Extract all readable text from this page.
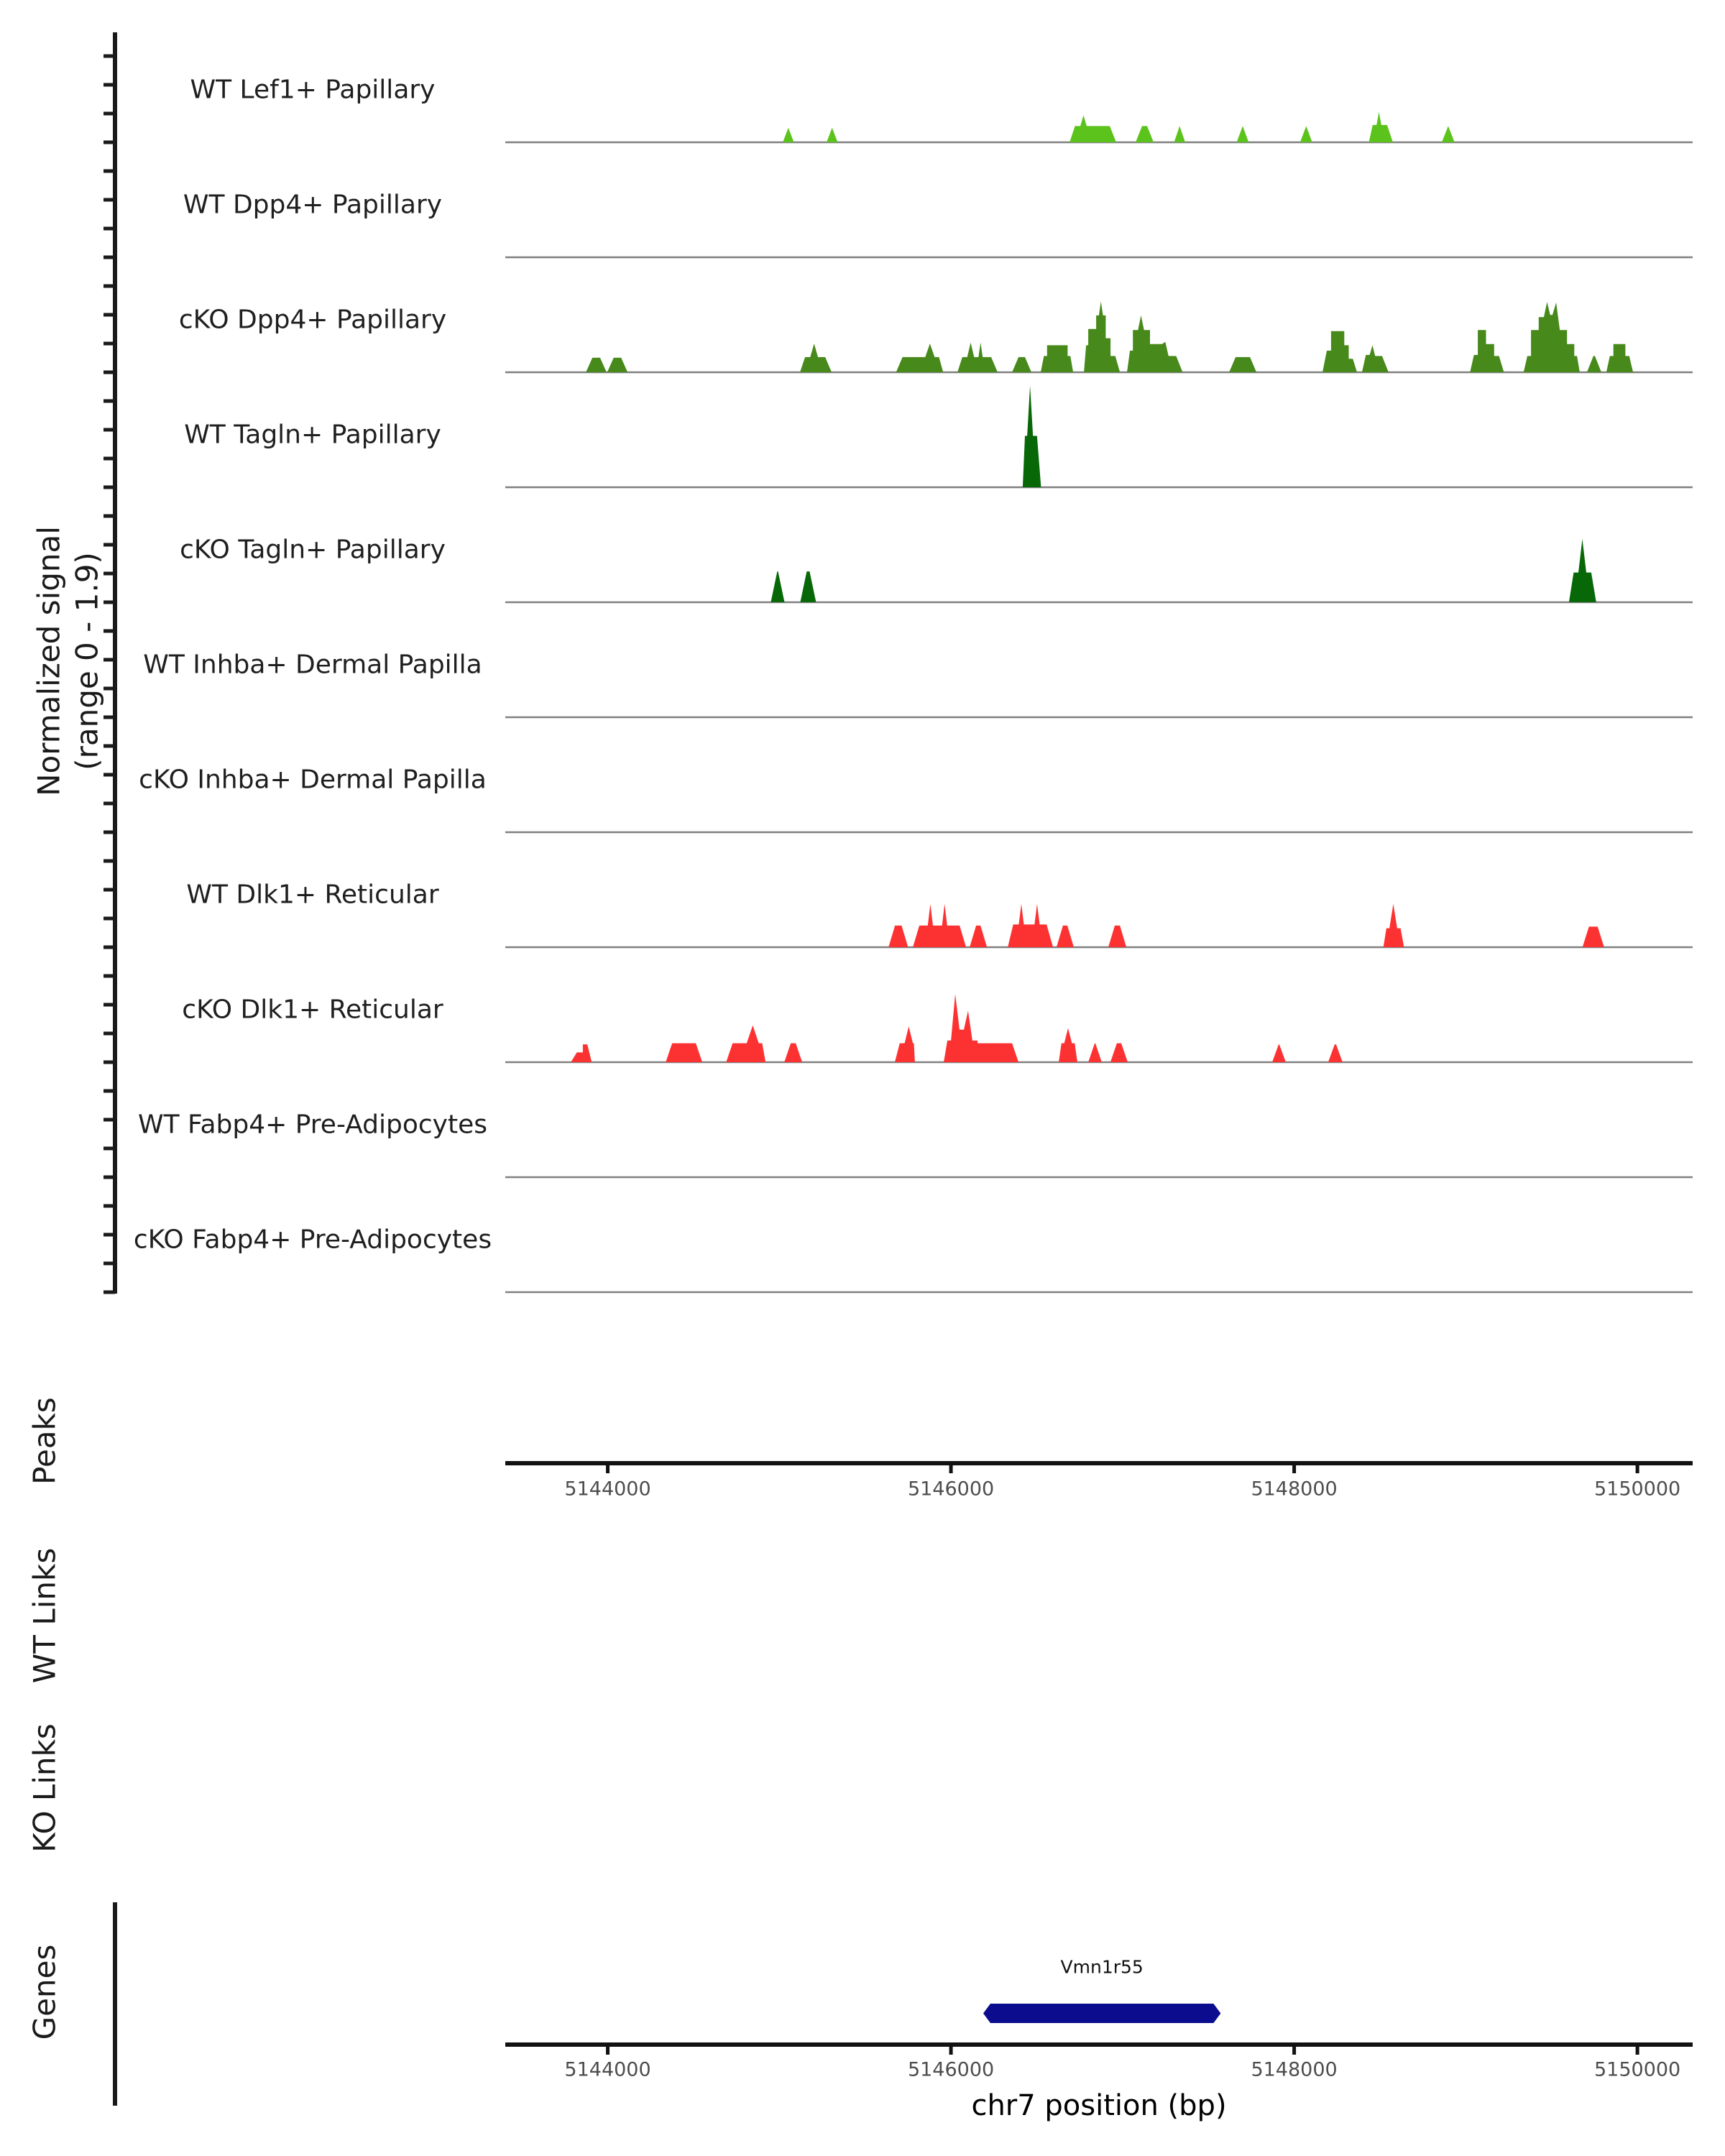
Normalized signal (range 0 - 1.9)
Peaks
WT Links
KO Links
Genes	Vmn1r55
chr7 position (bp)
WT Lef1+ Papillary
WT Dpp4+ Papillary
cKO Dpp4+ Papillary
WT Tagln+ Papillary
cKO Tagln+ Papillary
WT Inhba+ Dermal Papilla
cKO Inhba+ Dermal Papilla
WT Dlk1+ Reticular
cKO Dlk1+ Reticular
WT Fabp4+ Pre-Adipocytes
cKO Fabp4+ Pre-Adipocytes
5144000	5146000	5148000	5150000
5144000	5146000	5148000	5150000
